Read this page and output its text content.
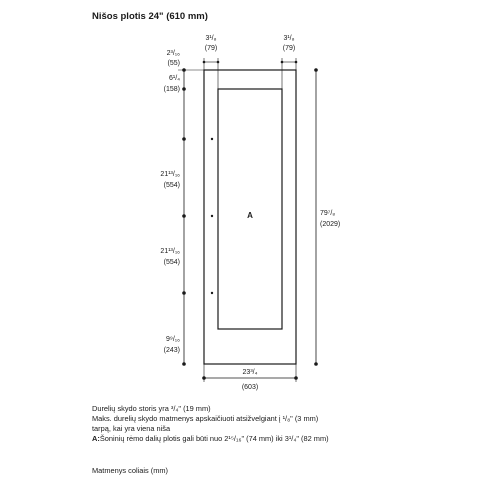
Nišos plotis 24" (610 mm)
A
3¹/₈
(79)
3¹/₈
(79)
2³/₁₆
(55)
6¹/₄
(158)
21¹³/₁₆
(554)
21¹³/₁₆
(554)
9⁹/₁₆
(243)
79⁷/₈
(2029)
23³/₄
(603)
Durelių skydo storis yra ³/₄" (19 mm)
Maks. durelių skydo matmenys apskaičiuoti atsižvelgiant į ¹/₈" (3 mm)
tarpą, kai yra viena niša
A:Šoninių rėmo dalių plotis gali būti nuo 2¹⁵/₁₆" (74 mm) iki 3¹/₄" (82 mm)
Matmenys coliais (mm)
